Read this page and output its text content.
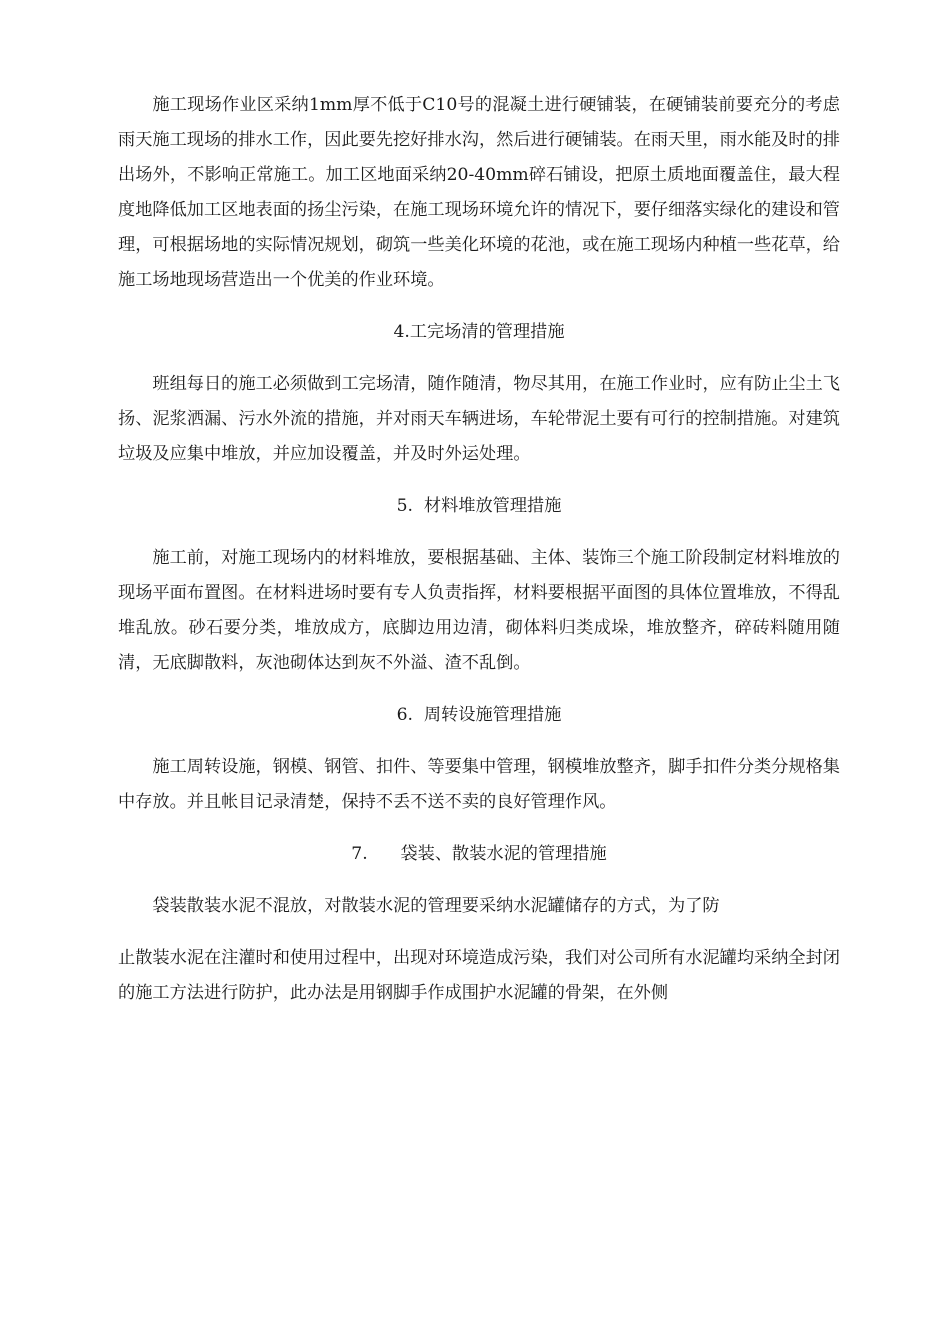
施工现场作业区采纳1mm厚不低于C10号的混凝土进行硬铺装，在硬铺装前要充分的考虑雨天施工现场的排水工作，因此要先挖好排水沟，然后进行硬铺装。在雨天里，雨水能及时的排出场外，不影响正常施工。加工区地面采纳20-40mm碎石铺设，把原土质地面覆盖住，最大程度地降低加工区地表面的扬尘污染，在施工现场环境允许的情况下，要仔细落实绿化的建设和管理，可根据场地的实际情况规划，砌筑一些美化环境的花池，或在施工现场内种植一些花草，给施工场地现场营造出一个优美的作业环境。

4.工完场清的管理措施

班组每日的施工必须做到工完场清，随作随清，物尽其用，在施工作业时，应有防止尘土飞扬、泥浆洒漏、污水外流的措施，并对雨天车辆进场，车轮带泥土要有可行的控制措施。对建筑垃圾及应集中堆放，并应加设覆盖，并及时外运处理。

5.  材料堆放管理措施

施工前，对施工现场内的材料堆放，要根据基础、主体、装饰三个施工阶段制定材料堆放的现场平面布置图。在材料进场时要有专人负责指挥，材料要根据平面图的具体位置堆放，不得乱堆乱放。砂石要分类，堆放成方，底脚边用边清，砌体料归类成垛，堆放整齐，碎砖料随用随清，无底脚散料，灰池砌体达到灰不外溢、渣不乱倒。

6.  周转设施管理措施

施工周转设施，钢模、钢管、扣件、等要集中管理，钢模堆放整齐，脚手扣件分类分规格集中存放。并且帐目记录清楚，保持不丢不送不卖的良好管理作风。

7.      袋装、散装水泥的管理措施

袋装散装水泥不混放，对散装水泥的管理要采纳水泥罐储存的方式，为了防

止散装水泥在注灌时和使用过程中，出现对环境造成污染，我们对公司所有水泥罐均采纳全封闭的施工方法进行防护，此办法是用钢脚手作成围护水泥罐的骨架，在外侧
